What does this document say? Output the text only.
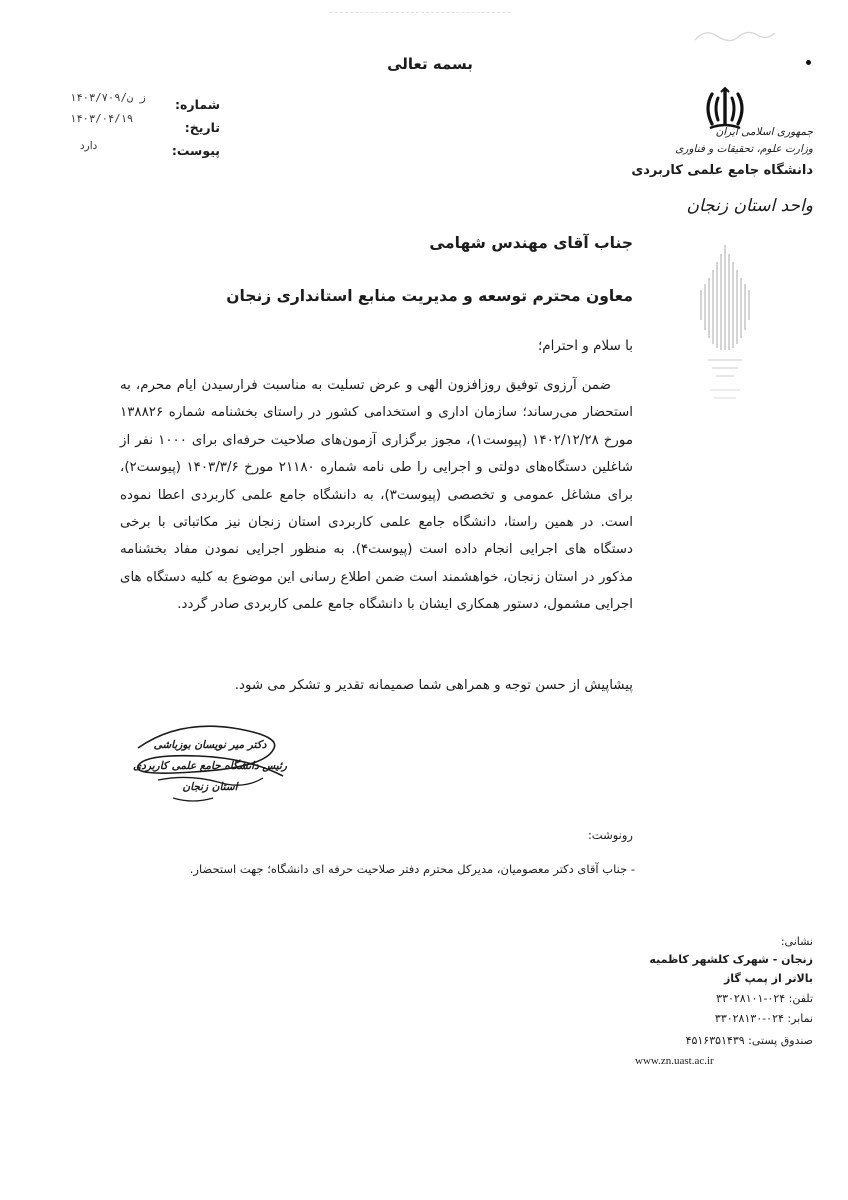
بسمه تعالی
شماره:
۱۴۰۳/۷۰۹/ز ن
تاریخ:
۱۴۰۳/۰۴/۱۹
پیوست:
دارد
جمهوری اسلامی ایران
وزارت علوم، تحقیقات و فناوری
دانشگاه جامع علمی کاربردی
واحد استان زنجان
جناب آقای مهندس شهامی
معاون محترم توسعه و مدیریت منابع استانداری زنجان
با سلام و احترام؛
ضمن آرزوی توفیق روزافزون الهی و عرض تسلیت به مناسبت فرارسیدن ایام محرم، به استحضار می‌رساند؛ سازمان اداری و استخدامی کشور در راستای بخشنامه شماره ۱۳۸۸۲۶ مورخ ۱۴۰۲/۱۲/۲۸ (پیوست۱)، مجوز برگزاری آزمون‌های صلاحیت حرفه‌ای برای ۱۰۰۰ نفر از شاغلین دستگاه‌های دولتی و اجرایی را طی نامه شماره ۲۱۱۸۰ مورخ ۱۴۰۳/۳/۶ (پیوست۲)، برای مشاغل عمومی و تخصصی (پیوست۳)، به دانشگاه جامع علمی کاربردی اعطا نموده است. در همین راستا، دانشگاه جامع علمی کاربردی استان زنجان نیز مکاتباتی با برخی دستگاه های اجرایی انجام داده است (پیوست۴). به منظور اجرایی نمودن مفاد بخشنامه مذکور در استان زنجان، خواهشمند است ضمن اطلاع رسانی این موضوع به کلیه دستگاه های اجرایی مشمول، دستور همکاری ایشان با دانشگاه جامع علمی کاربردی صادر گردد.
پیشاپیش از حسن توجه و همراهی شما صمیمانه تقدیر و تشکر می شود.
دکتر میر نویسان بوزباشی
رئیس دانشگاه جامع علمی کاربردی
استان زنجان
رونوشت:
- جناب آقای دکتر معصومیان، مدیرکل محترم دفتر صلاحیت حرفه ای دانشگاه؛ جهت استحضار.
نشانی:
زنجان - شهرک کلشهر کاظمیه
بالاتر از پمپ گاز
تلفن: ۰۲۴-۳۳۰۲۸۱۰۱
نمابر: ۰۲۴-۳۳۰۲۸۱۳۰
صندوق پستی: ۴۵۱۶۳۵۱۴۳۹
www.zn.uast.ac.ir
